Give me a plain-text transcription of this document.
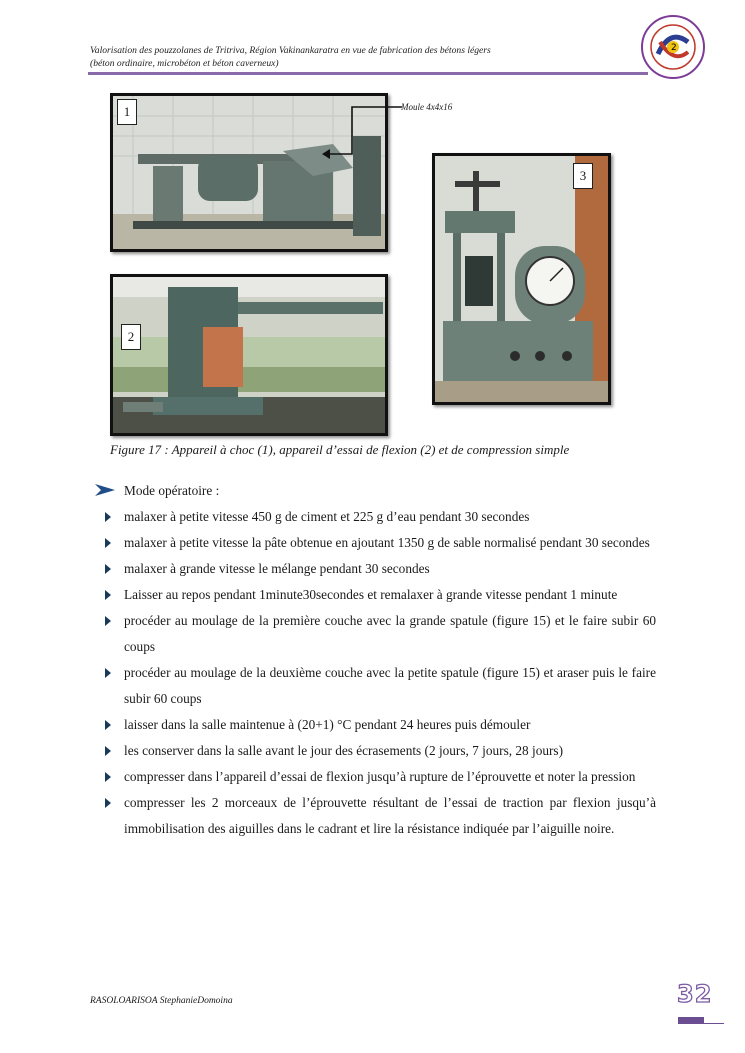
Valorisation des pouzzolanes de Tritriva, Région Vakinankaratra en vue de fabrication des bétons légers
(béton ordinaire, microbéton et béton caverneux)
2
1	Moule 4x4x16
2
3
Figure 17 : Appareil à choc (1), appareil d’essai de flexion (2) et de compression simple
Mode opératoire :
malaxer à petite vitesse 450 g de ciment et 225 g d’eau pendant 30 secondes
malaxer à petite vitesse la pâte obtenue en ajoutant 1350 g de sable normalisé pendant 30 secondes
malaxer à grande vitesse le mélange pendant 30 secondes
Laisser au repos pendant 1minute30secondes et remalaxer à grande vitesse pendant 1 minute
procéder au moulage de la première couche avec la grande spatule (figure 15) et le faire subir 60 coups
procéder au moulage de la deuxième couche avec la petite spatule (figure 15) et araser puis le faire subir 60 coups
laisser dans la salle maintenue à (20+1) °C pendant 24 heures puis démouler
les conserver dans la salle avant le jour des écrasements (2 jours, 7 jours, 28 jours)
compresser dans l’appareil d’essai de flexion jusqu’à rupture de l’éprouvette et noter la pression
compresser les 2 morceaux de l’éprouvette résultant de l’essai de traction par flexion jusqu’à immobilisation des aiguilles dans le cadrant et lire la résistance indiquée par l’aiguille noire.
RASOLOARISOA StephanieDomoina	32
